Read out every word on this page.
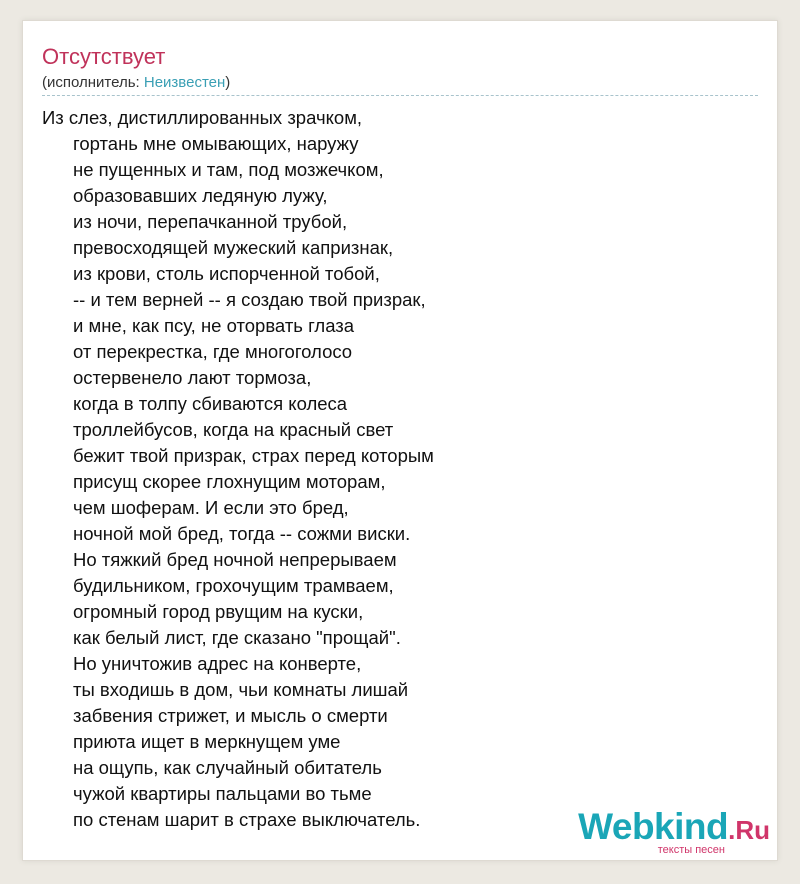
Отсутствует
(исполнитель: Неизвестен)
Из слез, дистиллированных зрачком,
гортань мне омывающих, наружу
не пущенных и там, под мозжечком,
образовавших ледяную лужу,
из ночи, перепачканной трубой,
превосходящей мужеский капризнак,
из крови, столь испорченной тобой,
-- и тем верней -- я создаю твой призрак,
и мне, как псу, не оторвать глаза
от перекрестка, где многоголосо
остервенело лают тормоза,
когда в толпу сбиваются колеса
троллейбусов, когда на красный свет
бежит твой призрак, страх перед которым
присущ скорее глохнущим моторам,
чем шоферам. И если это бред,
ночной мой бред, тогда -- сожми виски.
Но тяжкий бред ночной непрерываем
будильником, грохочущим трамваем,
огромный город рвущим на куски,
как белый лист, где сказано "прощай".
Но уничтожив адрес на конверте,
ты входишь в дом, чьи комнаты лишай
забвения стрижет, и мысль о смерти
приюта ищет в меркнущем уме
на ощупь, как случайный обитатель
чужой квартиры пальцами во тьме
по стенам шарит в страхе выключатель.	Webkind.Ru
тексты песен
